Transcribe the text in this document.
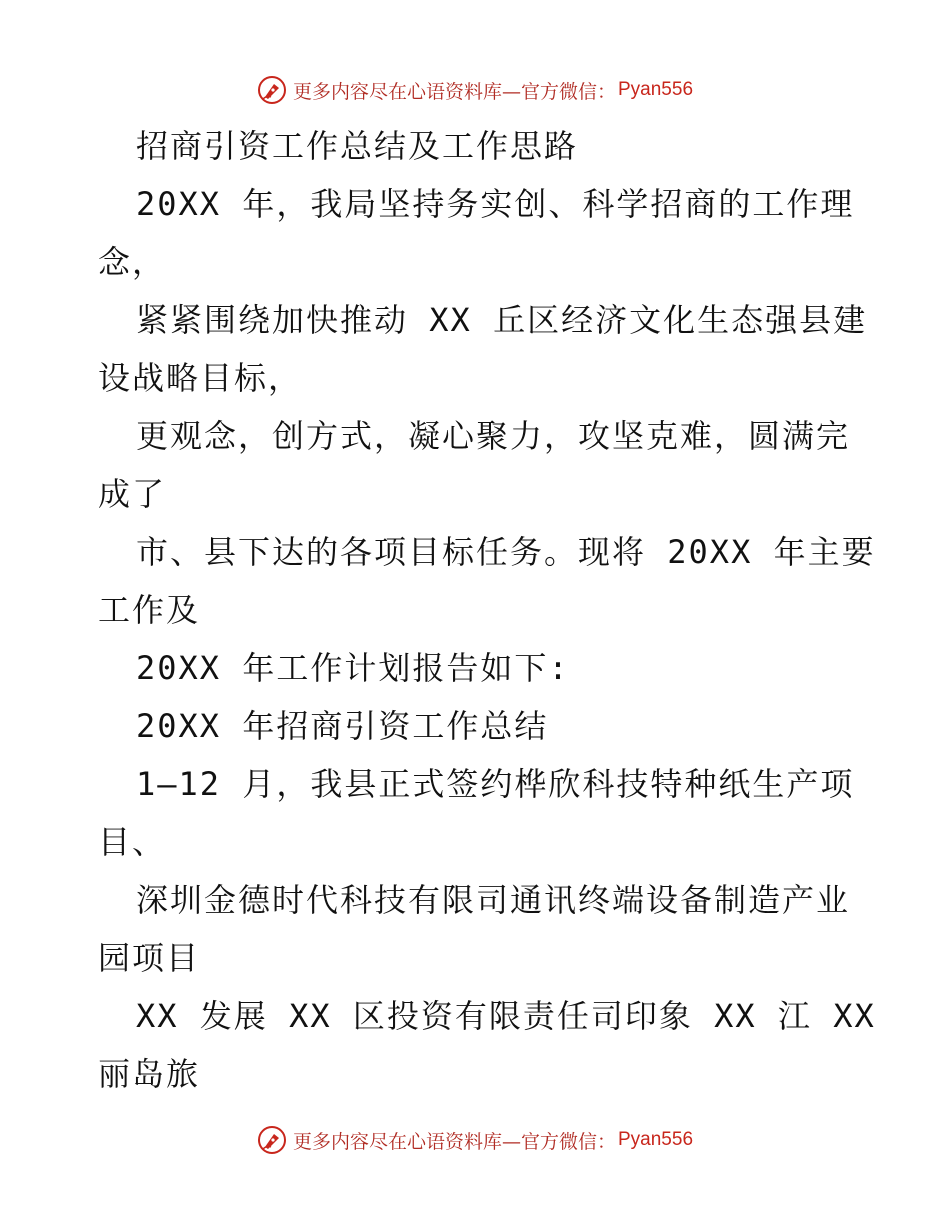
更多内容尽在心语资料库—官方微信： Pyan556
招商引资工作总结及工作思路
20XX 年，我局坚持务实创、科学招商的工作理
念，
紧紧围绕加快推动 XX 丘区经济文化生态强县建
设战略目标，
更观念，创方式，凝心聚力，攻坚克难，圆满完
成了
市、县下达的各项目标任务。现将 20XX 年主要
工作及
20XX 年工作计划报告如下:
20XX 年招商引资工作总结
1—12 月，我县正式签约桦欣科技特种纸生产项
目、
深圳金德时代科技有限司通讯终端设备制造产业
园项目
XX 发展 XX 区投资有限责任司印象 XX 江 XX
丽岛旅
更多内容尽在心语资料库—官方微信： Pyan556
